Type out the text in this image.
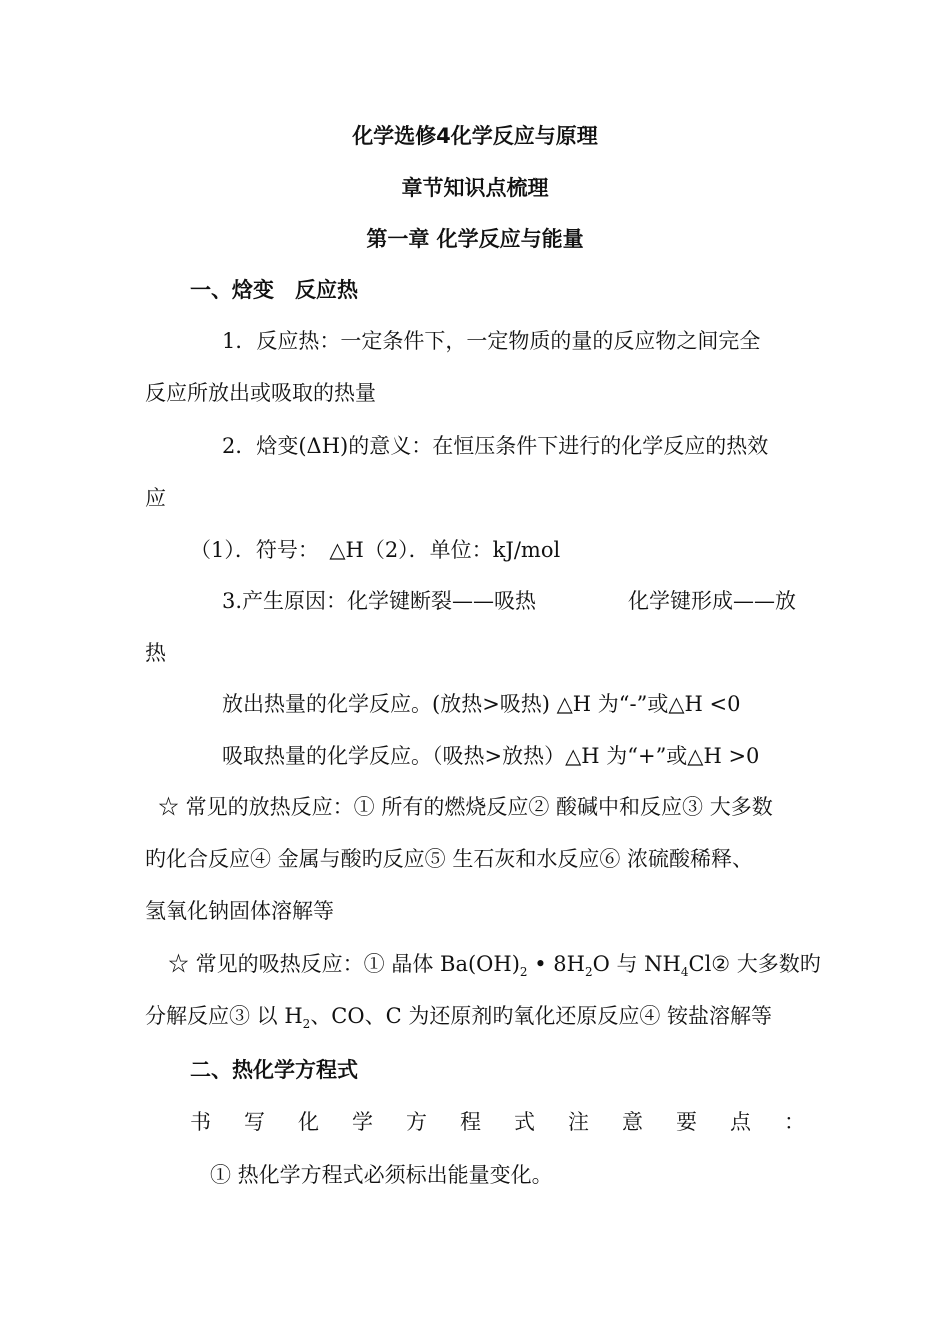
化学选修4化学反应与原理
章节知识点梳理
第一章 化学反应与能量
一、焓变　反应热
1．反应热：一定条件下，一定物质的量的反应物之间完全
反应所放出或吸取的热量
2．焓变(ΔH)的意义：在恒压条件下进行的化学反应的热效
应
（1）．符号：　△H（2）．单位：kJ/mol
3.产生原因：化学键断裂——吸热	化学键形成——放
热
放出热量的化学反应。(放热>吸热) △H 为“-”或△H <0
吸取热量的化学反应。（吸热>放热）△H 为“+”或△H >0
☆ 常见的放热反应：① 所有的燃烧反应② 酸碱中和反应③ 大多数
旳化合反应④ 金属与酸旳反应⑤ 生石灰和水反应⑥ 浓硫酸稀释、
氢氧化钠固体溶解等
☆ 常见的吸热反应：① 晶体 $Ba(OH)_2$ • $8H_2O$ 与 $NH_4Cl②$ 大多数旳
分解反应③ 以 $H_2$、CO、C 为还原剂旳氧化还原反应④ 铵盐溶解等
二、热化学方程式
书 写 化 学 方 程 式 注 意 要 点 ：
① 热化学方程式必须标出能量变化。
